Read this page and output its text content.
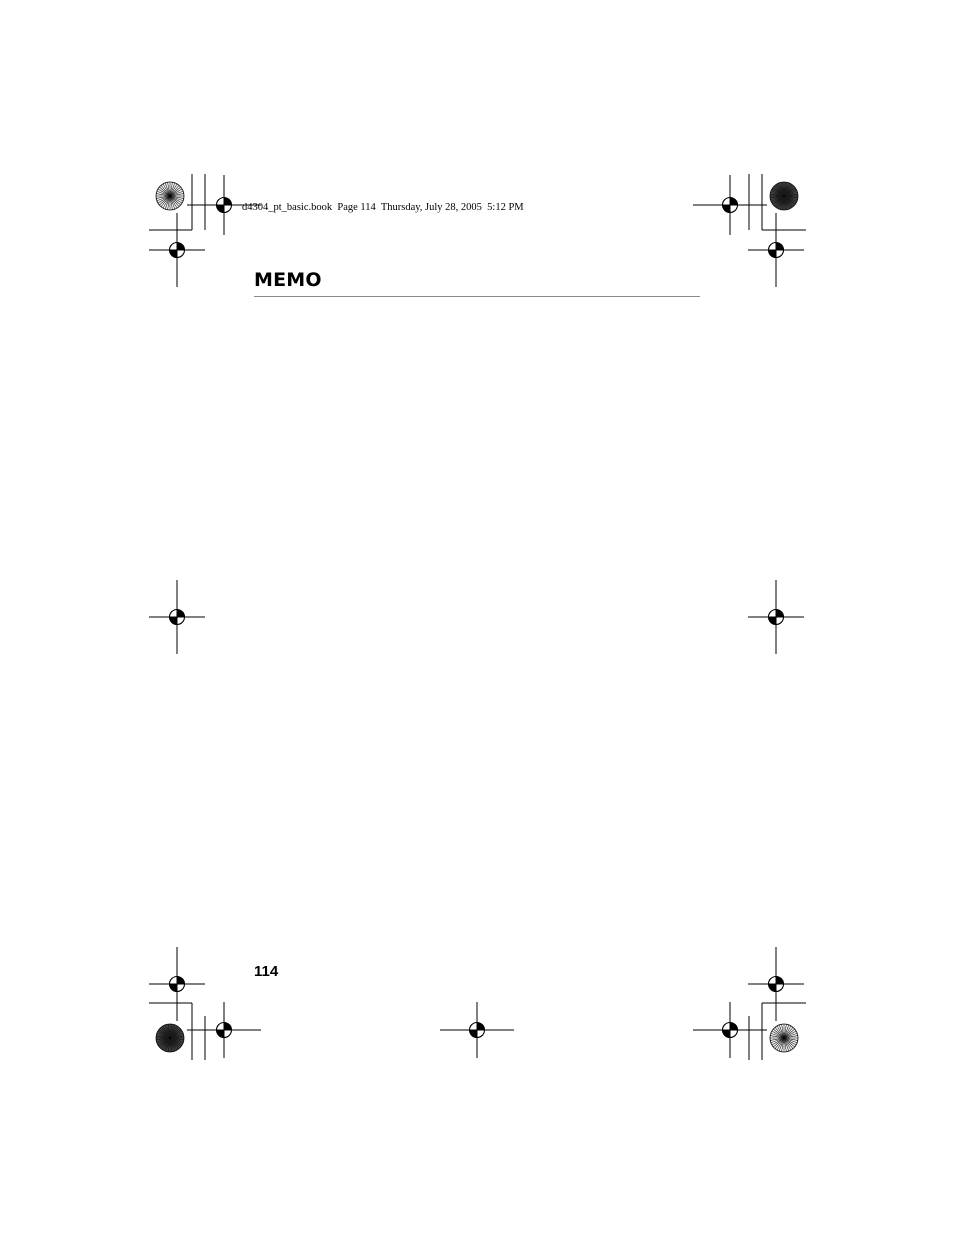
d4304_pt_basic.book  Page 114  Thursday, July 28, 2005  5:12 PM
MEMO
114
